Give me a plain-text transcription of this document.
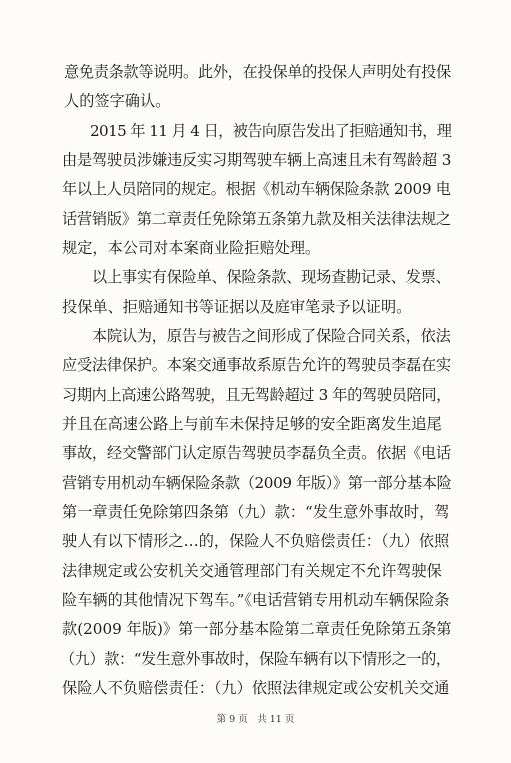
意免责条款等说明。此外，在投保单的投保人声明处有投保
人的签字确认。
2015 年 11 月 4 日，被告向原告发出了拒赔通知书，理
由是驾驶员涉嫌违反实习期驾驶车辆上高速且未有驾龄超 3
年以上人员陪同的规定。根据《机动车辆保险条款 2009 电
话营销版》第二章责任免除第五条第九款及相关法律法规之
规定，本公司对本案商业险拒赔处理。
以上事实有保险单、保险条款、现场查勘记录、发票、
投保单、拒赔通知书等证据以及庭审笔录予以证明。
本院认为，原告与被告之间形成了保险合同关系，依法
应受法律保护。本案交通事故系原告允许的驾驶员李磊在实
习期内上高速公路驾驶，且无驾龄超过 3 年的驾驶员陪同，
并且在高速公路上与前车未保持足够的安全距离发生追尾
事故，经交警部门认定原告驾驶员李磊负全责。依据《电话
营销专用机动车辆保险条款（2009 年版）》第一部分基本险
第一章责任免除第四条第（九）款：“发生意外事故时，驾
驶人有以下情形之…的，保险人不负赔偿责任：（九）依照
法律规定或公安机关交通管理部门有关规定不允许驾驶保
险车辆的其他情况下驾车。”《电话营销专用机动车辆保险条
款(2009 年版)》第一部分基本险第二章责任免除第五条第
（九）款：“发生意外事故时，保险车辆有以下情形之一的，
保险人不负赔偿责任：（九）依照法律规定或公安机关交通
第 9 页　共 11 页
